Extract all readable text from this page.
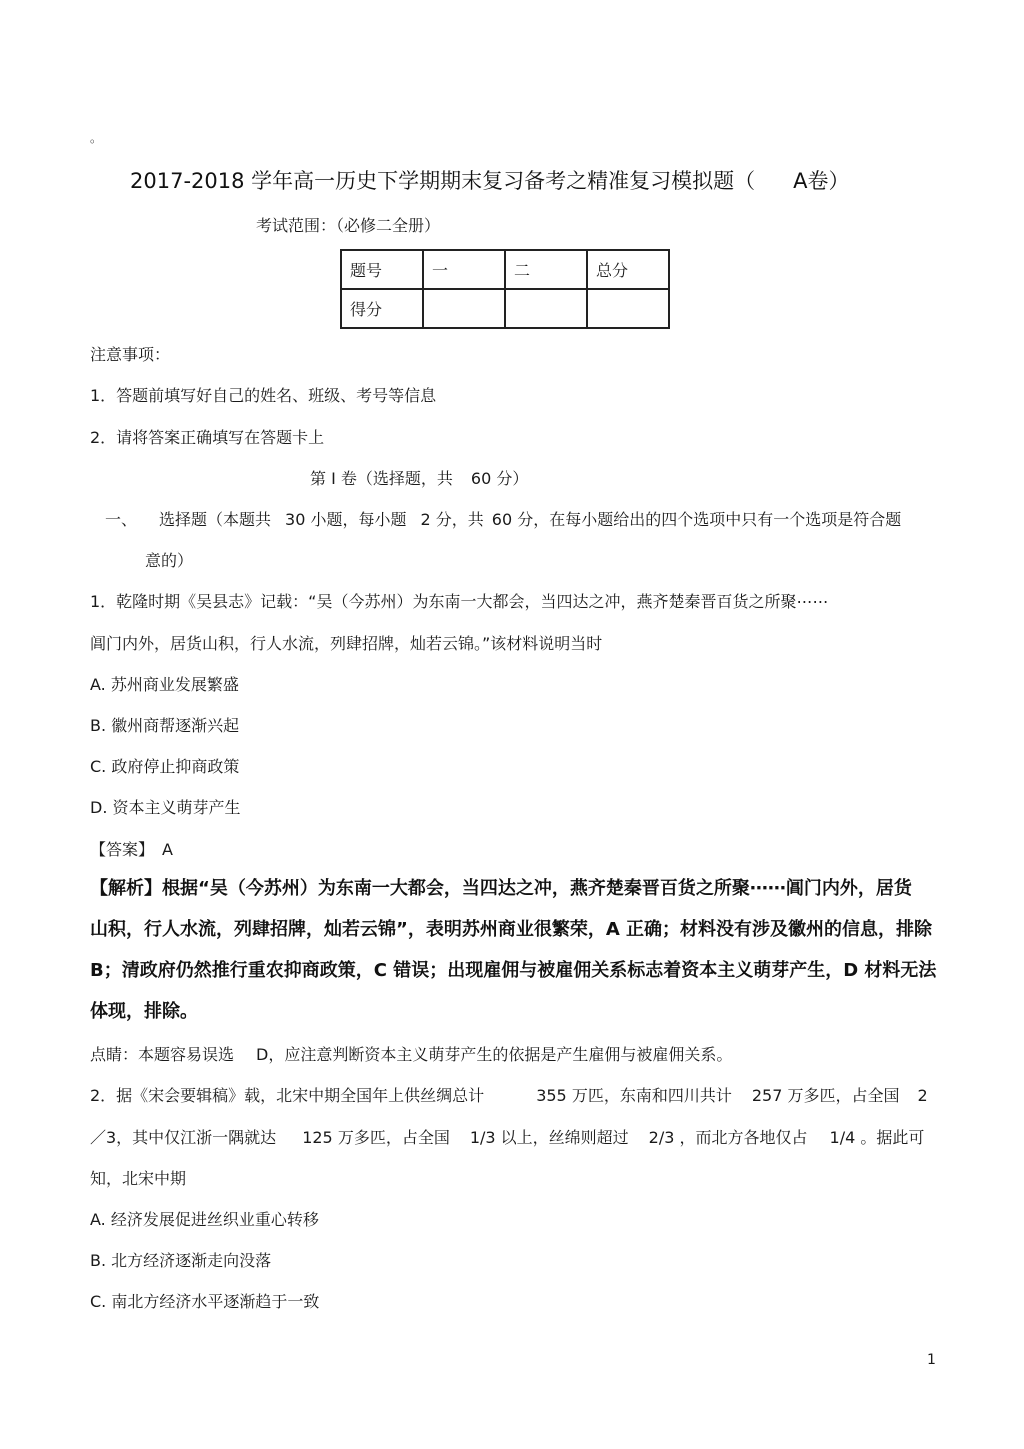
。
2017-2018 学年高一历史下学期期末复习备考之精准复习模拟题（ A卷）
考试范围：（必修二全册）
题号	一	二	总分
得分			
注意事项：
1．答题前填写好自己的姓名、班级、考号等信息
2．请将答案正确填写在答题卡上
第 I 卷（选择题，共 60 分）
一、 选择题（本题共 30 小题，每小题 2 分，共 60 分，在每小题给出的四个选项中只有一个选项是符合题
意的）
1．乾隆时期《吴县志》记载：“吴（今苏州）为东南一大都会，当四达之冲，燕齐楚秦晋百货之所聚⋯⋯
阊门内外，居货山积，行人水流，列肆招牌，灿若云锦。”该材料说明当时
A. 苏州商业发展繁盛
B. 徽州商帮逐渐兴起
C. 政府停止抑商政策
D. 资本主义萌芽产生
【答案】 A
【解析】根据“吴（今苏州）为东南一大都会，当四达之冲，燕齐楚秦晋百货之所聚⋯⋯阊门内外，居货
山积，行人水流，列肆招牌，灿若云锦”，表明苏州商业很繁荣，A 正确；材料没有涉及徽州的信息，排除
B；清政府仍然推行重农抑商政策，C 错误；出现雇佣与被雇佣关系标志着资本主义萌芽产生，D 材料无法
体现，排除。
点睛：本题容易误选 D，应注意判断资本主义萌芽产生的依据是产生雇佣与被雇佣关系。
2．据《宋会要辑稿》载，北宋中期全国年上供丝绸总计	355 万匹，东南和四川共计 257 万多匹，占全国 2
／3，其中仅江浙一隅就达 125 万多匹，占全国 1/3 以上，丝绵则超过 2/3 ，而北方各地仅占 1/4 。据此可
知，北宋中期
A. 经济发展促进丝织业重心转移
B. 北方经济逐渐走向没落
C. 南北方经济水平逐渐趋于一致
1
